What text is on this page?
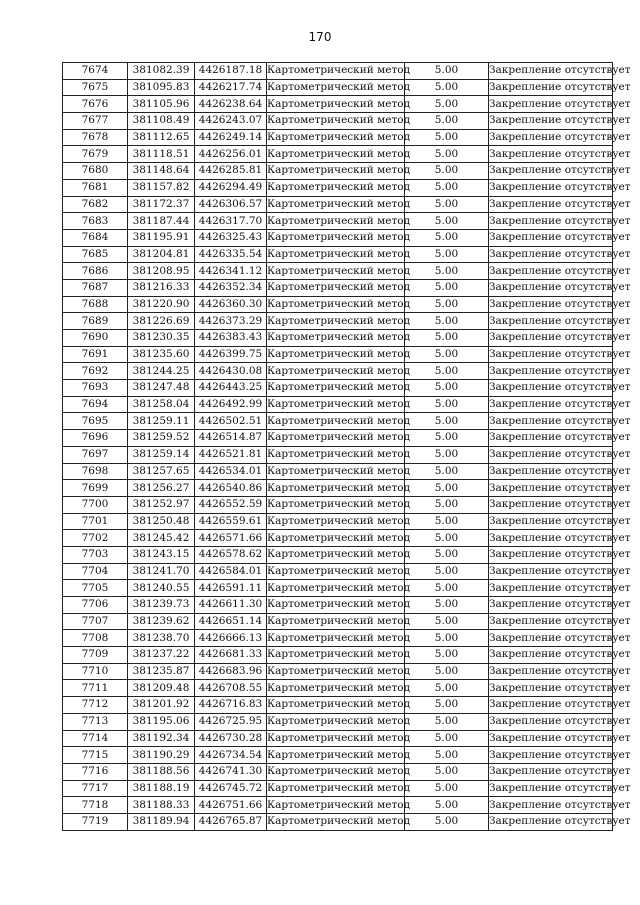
170
7674	381082.39	4426187.18	Картометрический метод	5.00	Закрепление отсутствует
7675	381095.83	4426217.74	Картометрический метод	5.00	Закрепление отсутствует
7676	381105.96	4426238.64	Картометрический метод	5.00	Закрепление отсутствует
7677	381108.49	4426243.07	Картометрический метод	5.00	Закрепление отсутствует
7678	381112.65	4426249.14	Картометрический метод	5.00	Закрепление отсутствует
7679	381118.51	4426256.01	Картометрический метод	5.00	Закрепление отсутствует
7680	381148.64	4426285.81	Картометрический метод	5.00	Закрепление отсутствует
7681	381157.82	4426294.49	Картометрический метод	5.00	Закрепление отсутствует
7682	381172.37	4426306.57	Картометрический метод	5.00	Закрепление отсутствует
7683	381187.44	4426317.70	Картометрический метод	5.00	Закрепление отсутствует
7684	381195.91	4426325.43	Картометрический метод	5.00	Закрепление отсутствует
7685	381204.81	4426335.54	Картометрический метод	5.00	Закрепление отсутствует
7686	381208.95	4426341.12	Картометрический метод	5.00	Закрепление отсутствует
7687	381216.33	4426352.34	Картометрический метод	5.00	Закрепление отсутствует
7688	381220.90	4426360.30	Картометрический метод	5.00	Закрепление отсутствует
7689	381226.69	4426373.29	Картометрический метод	5.00	Закрепление отсутствует
7690	381230.35	4426383.43	Картометрический метод	5.00	Закрепление отсутствует
7691	381235.60	4426399.75	Картометрический метод	5.00	Закрепление отсутствует
7692	381244.25	4426430.08	Картометрический метод	5.00	Закрепление отсутствует
7693	381247.48	4426443.25	Картометрический метод	5.00	Закрепление отсутствует
7694	381258.04	4426492.99	Картометрический метод	5.00	Закрепление отсутствует
7695	381259.11	4426502.51	Картометрический метод	5.00	Закрепление отсутствует
7696	381259.52	4426514.87	Картометрический метод	5.00	Закрепление отсутствует
7697	381259.14	4426521.81	Картометрический метод	5.00	Закрепление отсутствует
7698	381257.65	4426534.01	Картометрический метод	5.00	Закрепление отсутствует
7699	381256.27	4426540.86	Картометрический метод	5.00	Закрепление отсутствует
7700	381252.97	4426552.59	Картометрический метод	5.00	Закрепление отсутствует
7701	381250.48	4426559.61	Картометрический метод	5.00	Закрепление отсутствует
7702	381245.42	4426571.66	Картометрический метод	5.00	Закрепление отсутствует
7703	381243.15	4426578.62	Картометрический метод	5.00	Закрепление отсутствует
7704	381241.70	4426584.01	Картометрический метод	5.00	Закрепление отсутствует
7705	381240.55	4426591.11	Картометрический метод	5.00	Закрепление отсутствует
7706	381239.73	4426611.30	Картометрический метод	5.00	Закрепление отсутствует
7707	381239.62	4426651.14	Картометрический метод	5.00	Закрепление отсутствует
7708	381238.70	4426666.13	Картометрический метод	5.00	Закрепление отсутствует
7709	381237.22	4426681.33	Картометрический метод	5.00	Закрепление отсутствует
7710	381235.87	4426683.96	Картометрический метод	5.00	Закрепление отсутствует
7711	381209.48	4426708.55	Картометрический метод	5.00	Закрепление отсутствует
7712	381201.92	4426716.83	Картометрический метод	5.00	Закрепление отсутствует
7713	381195.06	4426725.95	Картометрический метод	5.00	Закрепление отсутствует
7714	381192.34	4426730.28	Картометрический метод	5.00	Закрепление отсутствует
7715	381190.29	4426734.54	Картометрический метод	5.00	Закрепление отсутствует
7716	381188.56	4426741.30	Картометрический метод	5.00	Закрепление отсутствует
7717	381188.19	4426745.72	Картометрический метод	5.00	Закрепление отсутствует
7718	381188.33	4426751.66	Картометрический метод	5.00	Закрепление отсутствует
7719	381189.94	4426765.87	Картометрический метод	5.00	Закрепление отсутствует
